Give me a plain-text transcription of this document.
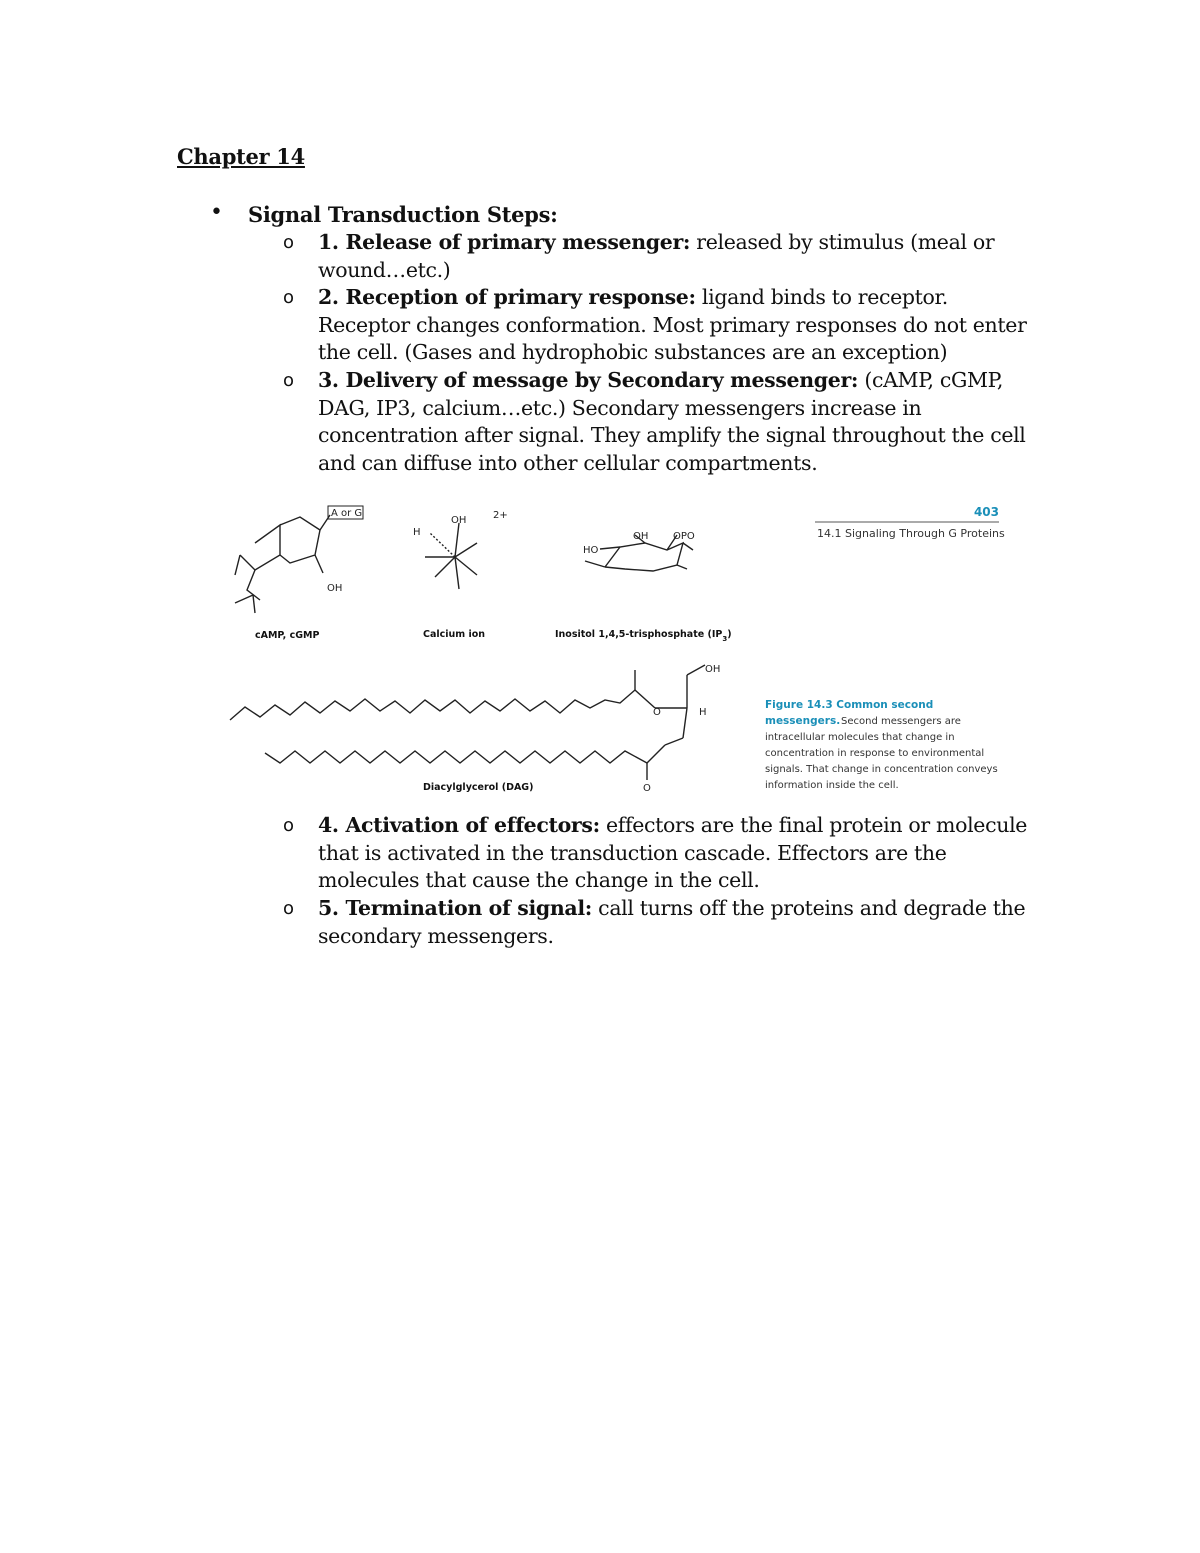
Chapter 14
• Signal Transduction Steps:
o 1. Release of primary messenger: released by stimulus (meal or
wound…etc.)
o 2. Reception of primary response: ligand binds to receptor.
Receptor changes conformation. Most primary responses do not enter
the cell. (Gases and hydrophobic substances are an exception)
o 3. Delivery of message by Secondary messenger: (cAMP, cGMP,
DAG, IP3, calcium…etc.) Secondary messengers increase in
concentration after signal. They amplify the signal throughout the cell
and can diffuse into other cellular compartments.
403
14.1 Signaling Through G Proteins
A or G
OH
cAMP, cGMP
OH	2+
H
Calcium ion
OH OPO
HO
Inositol 1,4,5-trisphosphate $(IP_3)$
OH
H
O
O
Diacylglycerol (DAG)
Figure 14.3 Common second
messengers. Second messengers are
intracellular molecules that change in
concentration in response to environmental
signals. That change in concentration conveys
information inside the cell.
o 4. Activation of effectors: effectors are the final protein or molecule
that is activated in the transduction cascade. Effectors are the
molecules that cause the change in the cell.
o 5. Termination of signal: call turns off the proteins and degrade the
secondary messengers.
